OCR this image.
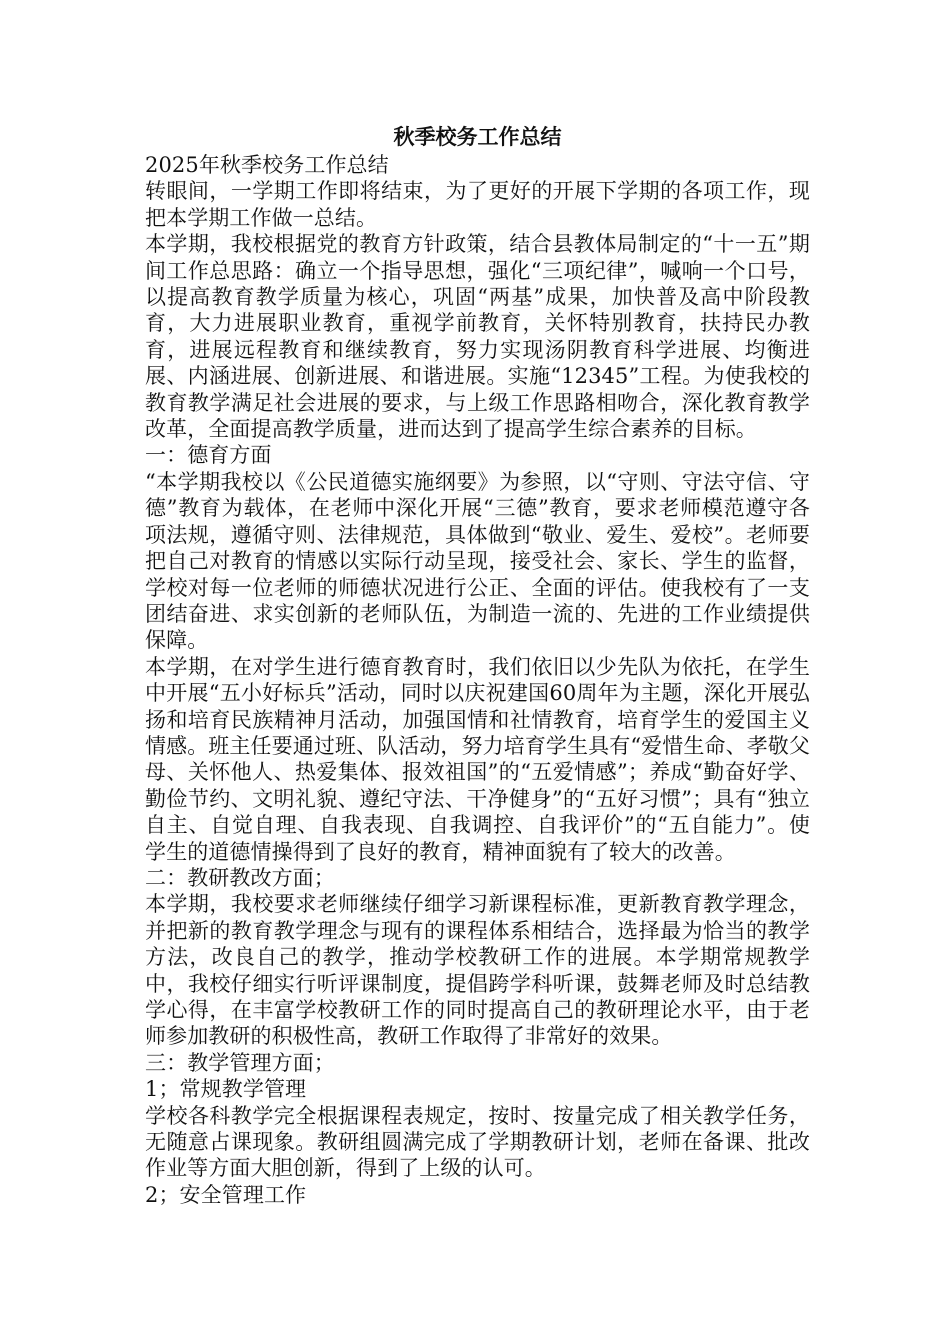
秋季校务工作总结

2025年秋季校务工作总结

转眼间，一学期工作即将结束，为了更好的开展下学期的各项工作，现把本学期工作做一总结。

本学期，我校根据党的教育方针政策，结合县教体局制定的“十一五”期间工作总思路：确立一个指导思想，强化“三项纪律”，喊响一个口号，以提高教育教学质量为核心，巩固“两基”成果，加快普及高中阶段教育，大力进展职业教育，重视学前教育，关怀特别教育，扶持民办教育，进展远程教育和继续教育，努力实现汤阴教育科学进展、均衡进展、内涵进展、创新进展、和谐进展。实施“12345”工程。为使我校的教育教学满足社会进展的要求，与上级工作思路相吻合，深化教育教学改革，全面提高教学质量，进而达到了提高学生综合素养的目标。

一：德育方面

“本学期我校以《公民道德实施纲要》为参照，以“守则、守法守信、守德”教育为载体，在老师中深化开展“三德”教育，要求老师模范遵守各项法规，遵循守则、法律规范，具体做到“敬业、爱生、爱校”。老师要把自己对教育的情感以实际行动呈现，接受社会、家长、学生的监督，学校对每一位老师的师德状况进行公正、全面的评估。使我校有了一支团结奋进、求实创新的老师队伍，为制造一流的、先进的工作业绩提供保障。

本学期，在对学生进行德育教育时，我们依旧以少先队为依托，在学生中开展“五小好标兵”活动，同时以庆祝建国60周年为主题，深化开展弘扬和培育民族精神月活动，加强国情和社情教育，培育学生的爱国主义情感。班主任要通过班、队活动，努力培育学生具有“爱惜生命、孝敬父母、关怀他人、热爱集体、报效祖国”的“五爱情感”；养成“勤奋好学、勤俭节约、文明礼貌、遵纪守法、干净健身”的“五好习惯”；具有“独立自主、自觉自理、自我表现、自我调控、自我评价”的“五自能力”。使学生的道德情操得到了良好的教育，精神面貌有了较大的改善。

二：教研教改方面；

本学期，我校要求老师继续仔细学习新课程标准，更新教育教学理念，并把新的教育教学理念与现有的课程体系相结合，选择最为恰当的教学方法，改良自己的教学，推动学校教研工作的进展。本学期常规教学中，我校仔细实行听评课制度，提倡跨学科听课，鼓舞老师及时总结教学心得，在丰富学校教研工作的同时提高自己的教研理论水平，由于老师参加教研的积极性高，教研工作取得了非常好的效果。

三：教学管理方面；

1；常规教学管理

学校各科教学完全根据课程表规定，按时、按量完成了相关教学任务，无随意占课现象。教研组圆满完成了学期教研计划，老师在备课、批改作业等方面大胆创新，得到了上级的认可。

2；安全管理工作
